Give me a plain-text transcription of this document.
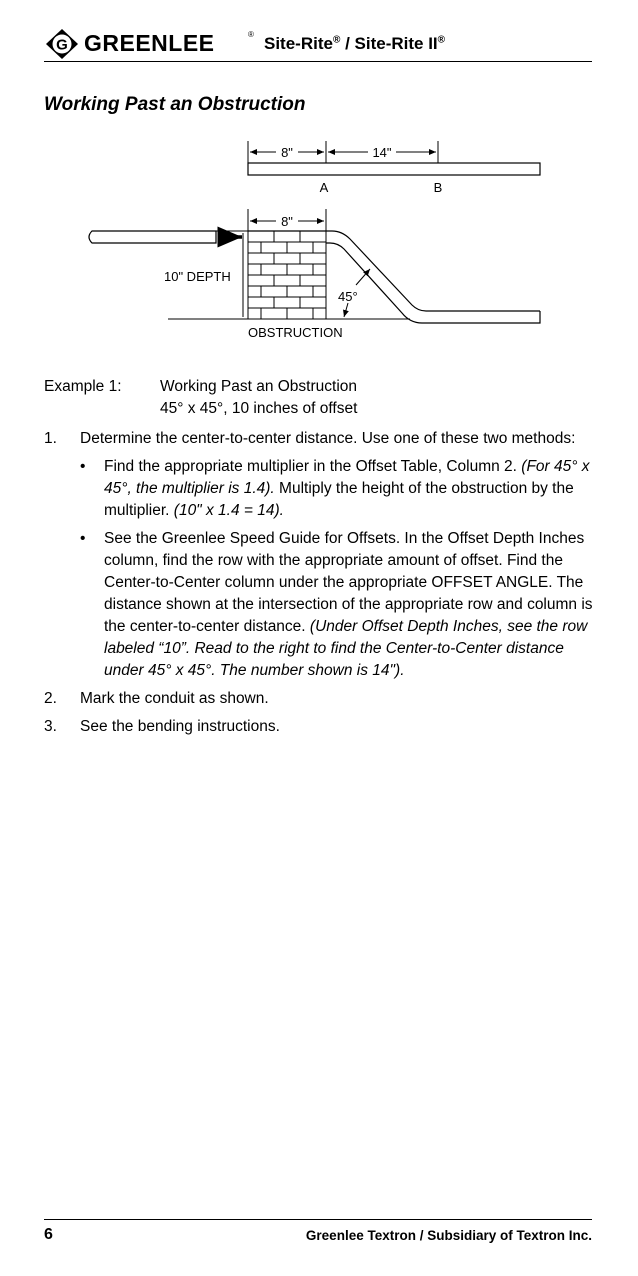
G GREENLEE	® Site-Rite® / Site-Rite II®
Working Past an Obstruction
8"	14"
A	B
8"
10" DEPTH
45°
OBSTRUCTION
Example 1:	Working Past an Obstruction
45° x 45°, 10 inches of offset
1. Determine the center-to-center distance. Use one of these two methods:
• Find the appropriate multiplier in the Offset Table, Column 2. (For 45° x 45°, the multiplier is 1.4). Multiply the height of the obstruction by the multiplier. (10" x 1.4 = 14).
• See the Greenlee Speed Guide for Offsets. In the Offset Depth Inches column, find the row with the appropriate amount of offset. Find the Center-to-Center column under the appropriate OFFSET ANGLE. The distance shown at the intersection of the appropriate row and column is the center-to-center distance. (Under Offset Depth Inches, see the row labeled “10”. Read to the right to find the Center-to-Center distance under 45° x 45°. The number shown is 14").
2. Mark the conduit as shown.
3. See the bending instructions.
6	Greenlee Textron / Subsidiary of Textron Inc.
